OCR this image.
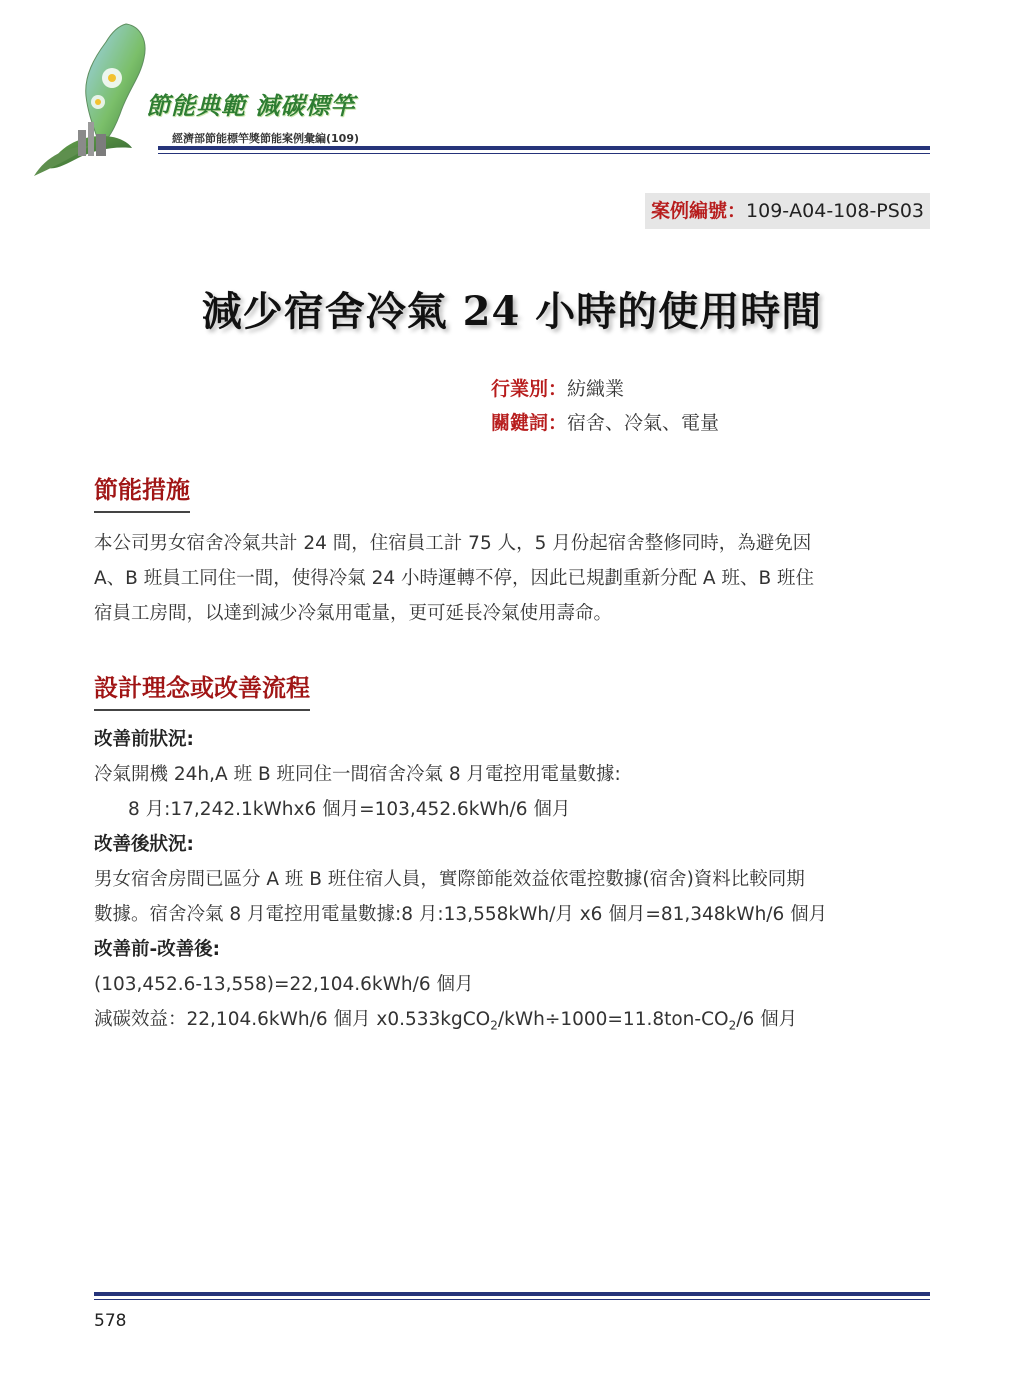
節能典範 減碳標竿
經濟部節能標竿獎節能案例彙編(109)
案例編號：109-A04-108-PS03
減少宿舍冷氣 24 小時的使用時間
行業別：紡織業
關鍵詞：宿舍、冷氣、電量
節能措施
本公司男女宿舍冷氣共計 24 間，住宿員工計 75 人，5 月份起宿舍整修同時，為避免因
A、B 班員工同住一間，使得冷氣 24 小時運轉不停，因此已規劃重新分配 A 班、B 班住
宿員工房間，以達到減少冷氣用電量，更可延長冷氣使用壽命。
設計理念或改善流程
改善前狀況:
冷氣開機 24h,A 班 B 班同住一間宿舍冷氣 8 月電控用電量數據:
8 月:17,242.1kWhx6 個月=103,452.6kWh/6 個月
改善後狀況:
男女宿舍房間已區分 A 班 B 班住宿人員，實際節能效益依電控數據(宿舍)資料比較同期
數據。宿舍冷氣 8 月電控用電量數據:8 月:13,558kWh/月 x6 個月=81,348kWh/6 個月
改善前-改善後:
(103,452.6-13,558)=22,104.6kWh/6 個月
減碳效益：22,104.6kWh/6 個月 $x0.533kgCO_2/kWh\div 1000=11.8ton-CO_2/6$ 個月
578
